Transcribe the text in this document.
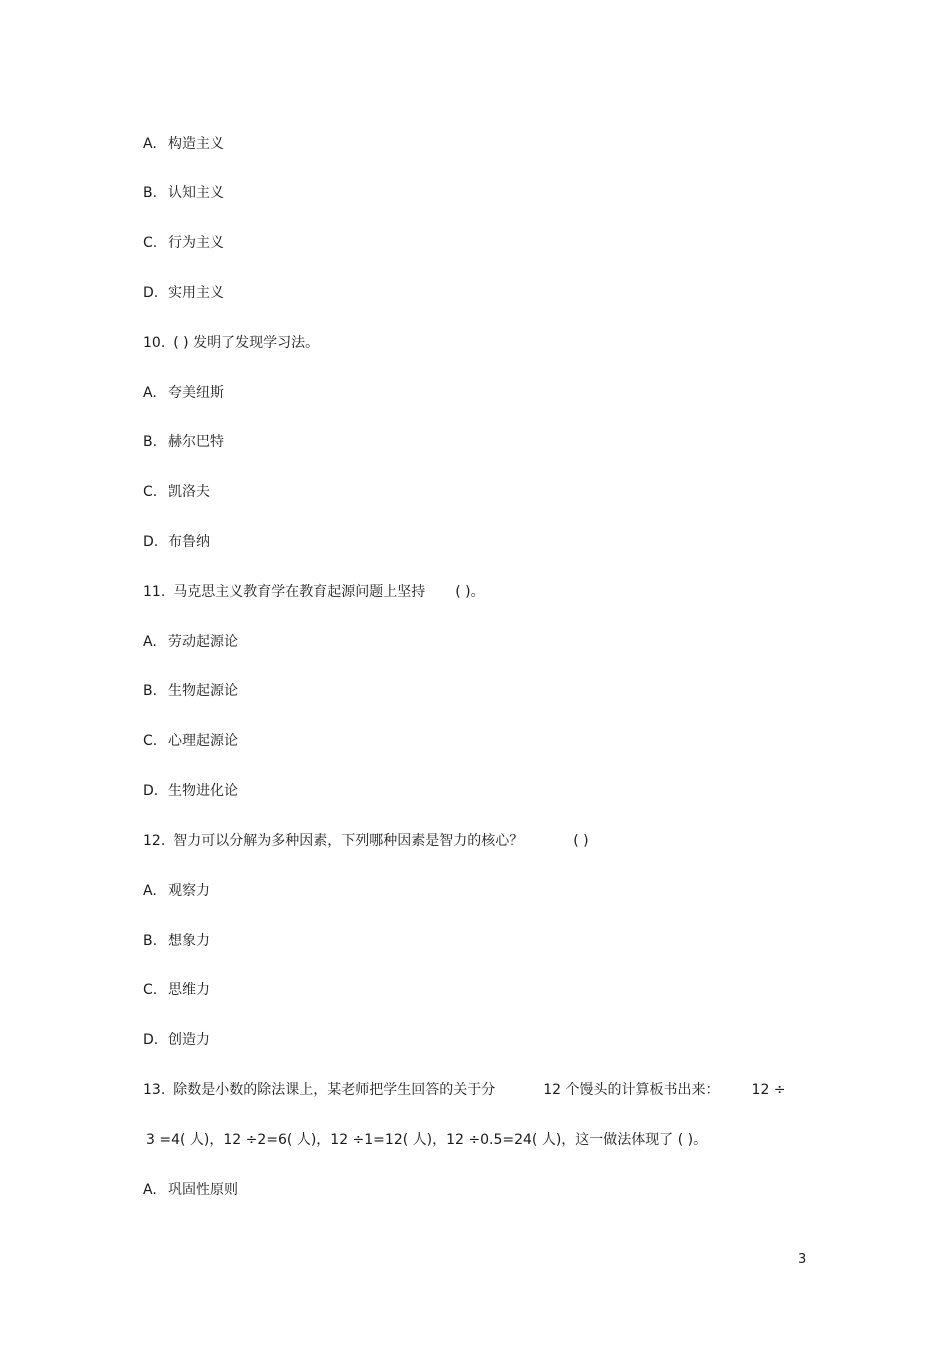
A. 构造主义
B. 认知主义
C. 行为主义
D. 实用主义
10. ( ) 发明了发现学习法。
A. 夸美纽斯
B. 赫尔巴特
C. 凯洛夫
D. 布鲁纳
11. 马克思主义教育学在教育起源问题上坚持 ( )。
A. 劳动起源论
B. 生物起源论
C. 心理起源论
D. 生物进化论
12. 智力可以分解为多种因素，下列哪种因素是智力的核心？	( )
A. 观察力
B. 想象力
C. 思维力
D. 创造力
13. 除数是小数的除法课上，某老师把学生回答的关于分	12 个馒头的计算板书出来： 12 ÷
3 =4( 人)，12 ÷2=6( 人)，12 ÷1=12( 人)，12 ÷0.5=24( 人)，这一做法体现了 ( )。
A. 巩固性原则
3
